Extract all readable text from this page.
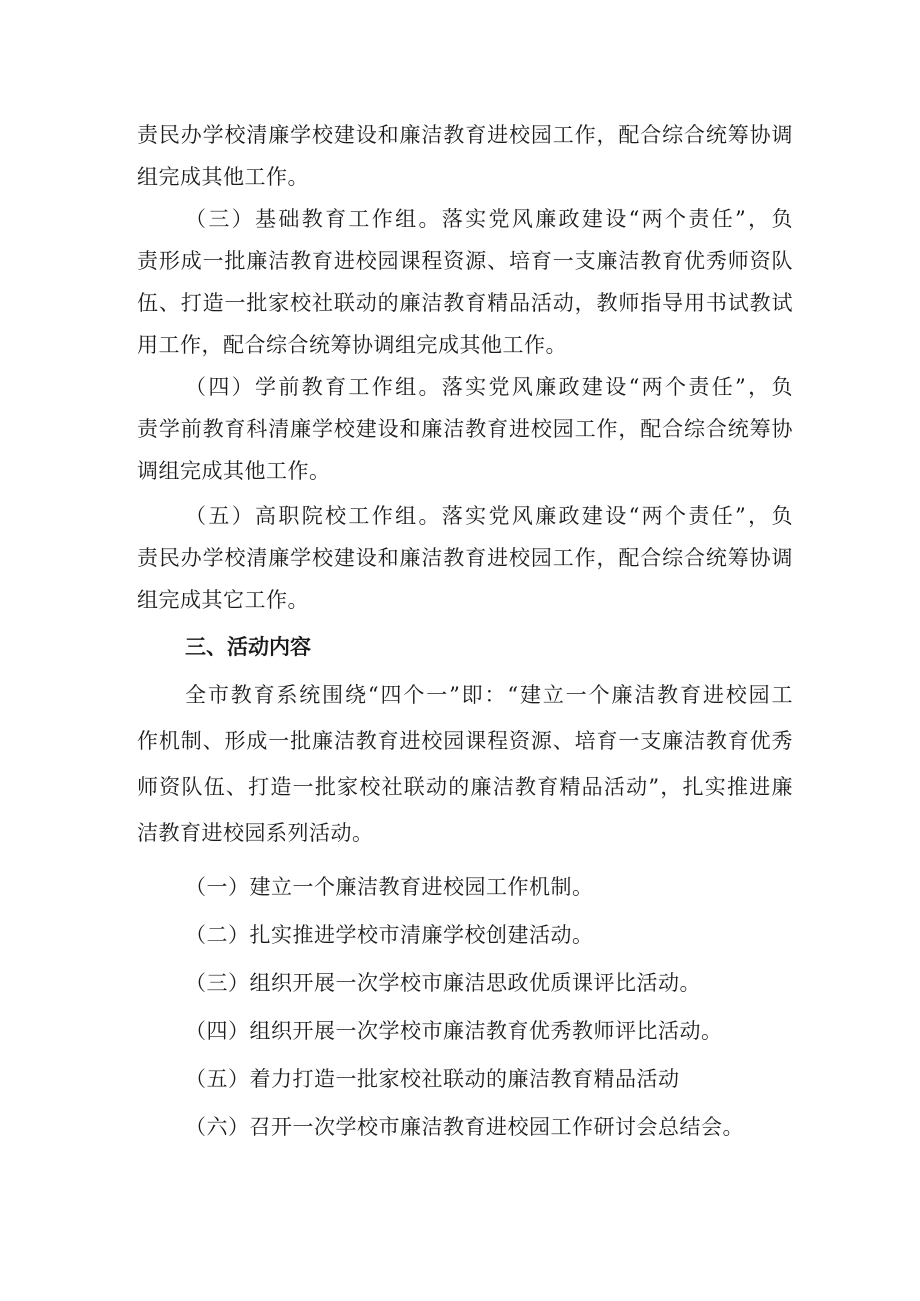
责民办学校清廉学校建设和廉洁教育进校园工作，配合综合统筹协调
组完成其他工作。
（三）基础教育工作组。落实党风廉政建设“两个责任”，负
责形成一批廉洁教育进校园课程资源、培育一支廉洁教育优秀师资队
伍、打造一批家校社联动的廉洁教育精品活动，教师指导用书试教试
用工作，配合综合统筹协调组完成其他工作。
（四）学前教育工作组。落实党风廉政建设“两个责任”，负
责学前教育科清廉学校建设和廉洁教育进校园工作，配合综合统筹协
调组完成其他工作。
（五）高职院校工作组。落实党风廉政建设“两个责任”，负
责民办学校清廉学校建设和廉洁教育进校园工作，配合综合统筹协调
组完成其它工作。
三、活动内容
全市教育系统围绕“四个一”即：“建立一个廉洁教育进校园工
作机制、形成一批廉洁教育进校园课程资源、培育一支廉洁教育优秀
师资队伍、打造一批家校社联动的廉洁教育精品活动”，扎实推进廉
洁教育进校园系列活动。
（一）建立一个廉洁教育进校园工作机制。
（二）扎实推进学校市清廉学校创建活动。
（三）组织开展一次学校市廉洁思政优质课评比活动。
（四）组织开展一次学校市廉洁教育优秀教师评比活动。
（五）着力打造一批家校社联动的廉洁教育精品活动
（六）召开一次学校市廉洁教育进校园工作研讨会总结会。
